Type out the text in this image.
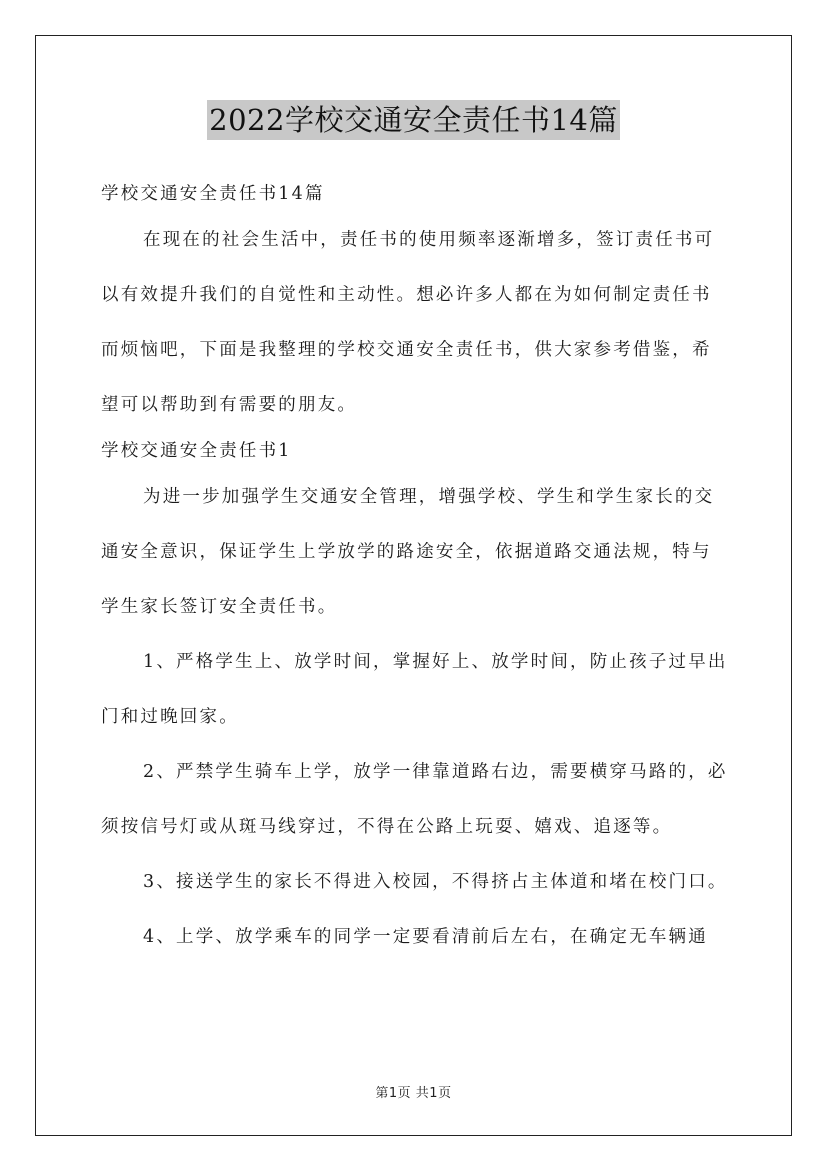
2022学校交通安全责任书14篇

学校交通安全责任书14篇

在现在的社会生活中，责任书的使用频率逐渐增多，签订责任书可以有效提升我们的自觉性和主动性。想必许多人都在为如何制定责任书而烦恼吧，下面是我整理的学校交通安全责任书，供大家参考借鉴，希望可以帮助到有需要的朋友。

学校交通安全责任书1

为进一步加强学生交通安全管理，增强学校、学生和学生家长的交通安全意识，保证学生上学放学的路途安全，依据道路交通法规，特与学生家长签订安全责任书。

1、严格学生上、放学时间，掌握好上、放学时间，防止孩子过早出门和过晚回家。

2、严禁学生骑车上学，放学一律靠道路右边，需要横穿马路的，必须按信号灯或从斑马线穿过，不得在公路上玩耍、嬉戏、追逐等。

3、接送学生的家长不得进入校园，不得挤占主体道和堵在校门口。

4、上学、放学乘车的同学一定要看清前后左右，在确定无车辆通

第1页 共1页
